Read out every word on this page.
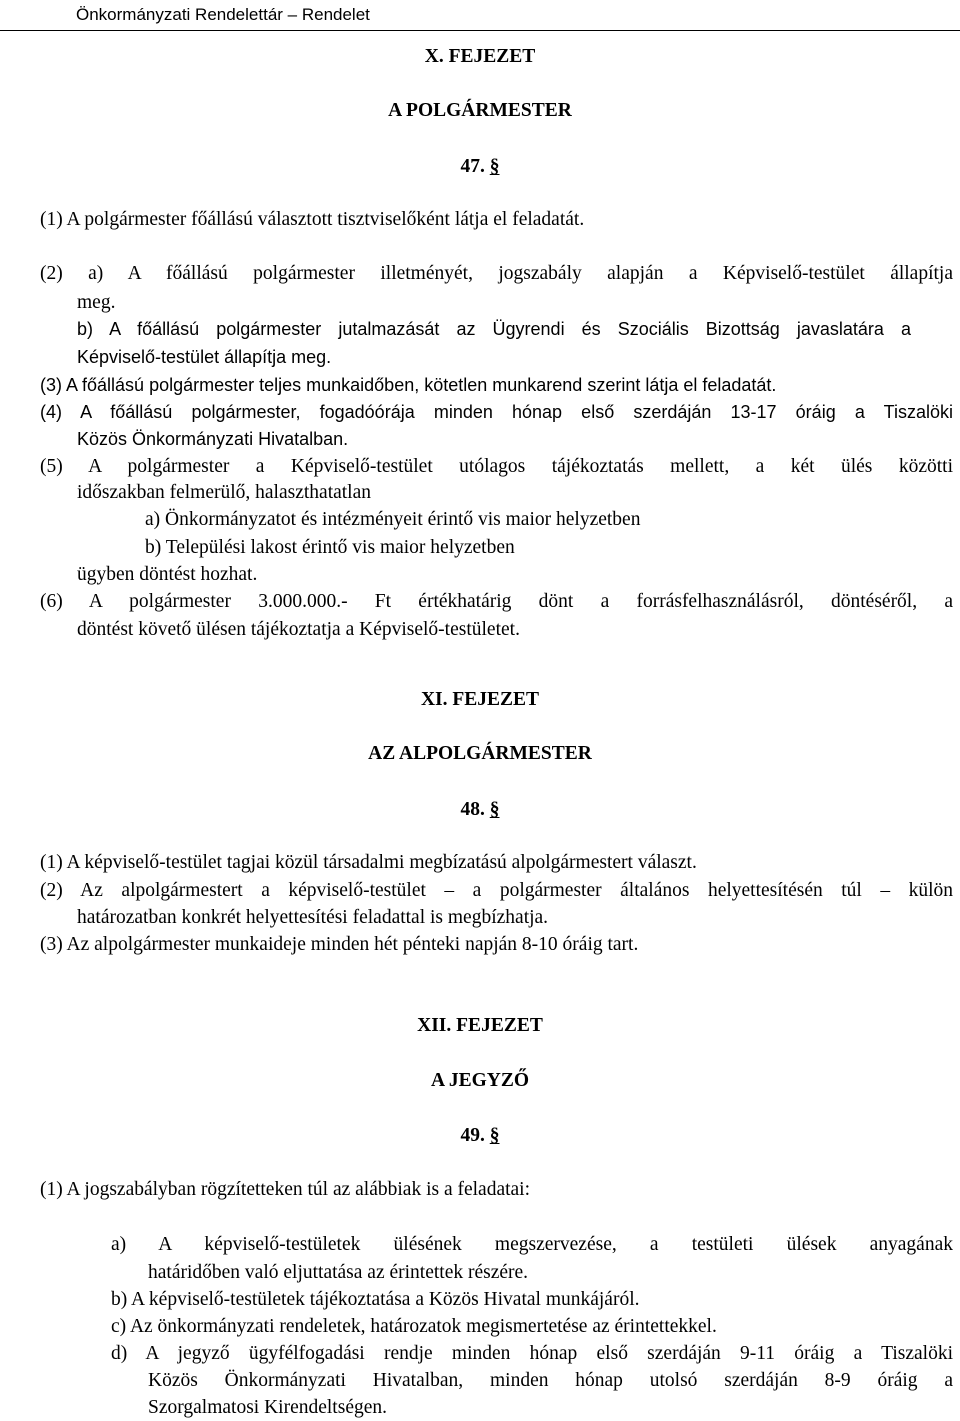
Önkormányzati Rendelettár – Rendelet
X. FEJEZET
A POLGÁRMESTER
47. §
(1) A polgármester főállású választott tisztviselőként látja el feladatát.
(2) a) A főállású polgármester illetményét, jogszabály alapján a Képviselő-testület állapítja
meg.
b) A főállású polgármester jutalmazását az Ügyrendi és Szociális Bizottság javaslatára a
Képviselő-testület állapítja meg.
(3) A főállású polgármester teljes munkaidőben, kötetlen munkarend szerint látja el feladatát.
(4) A főállású polgármester, fogadóórája minden hónap első szerdáján 13-17 óráig a Tiszalöki
Közös Önkormányzati Hivatalban.
(5) A polgármester a Képviselő-testület utólagos tájékoztatás mellett, a két ülés közötti
időszakban felmerülő, halaszthatatlan
a) Önkormányzatot és intézményeit érintő vis maior helyzetben
b) Települési lakost érintő vis maior helyzetben
ügyben döntést hozhat.
(6) A polgármester 3.000.000.- Ft értékhatárig dönt a forrásfelhasználásról, döntéséről, a
döntést követő ülésen tájékoztatja a Képviselő-testületet.
XI. FEJEZET
AZ ALPOLGÁRMESTER
48. §
(1) A képviselő-testület tagjai közül társadalmi megbízatású alpolgármestert választ.
(2) Az alpolgármestert a képviselő-testület – a polgármester általános helyettesítésén túl – külön
határozatban konkrét helyettesítési feladattal is megbízhatja.
(3) Az alpolgármester munkaideje minden hét pénteki napján 8-10 óráig tart.
XII. FEJEZET
A JEGYZŐ
49. §
(1) A jogszabályban rögzítetteken túl az alábbiak is a feladatai:
a) A képviselő-testületek ülésének megszervezése, a testületi ülések anyagának
határidőben való eljuttatása az érintettek részére.
b) A képviselő-testületek tájékoztatása a Közös Hivatal munkájáról.
c) Az önkormányzati rendeletek, határozatok megismertetése az érintettekkel.
d) A jegyző ügyfélfogadási rendje minden hónap első szerdáján 9-11 óráig a Tiszalöki
Közös Önkormányzati Hivatalban, minden hónap utolsó szerdáján 8-9 óráig a
Szorgalmatosi Kirendeltségen.
